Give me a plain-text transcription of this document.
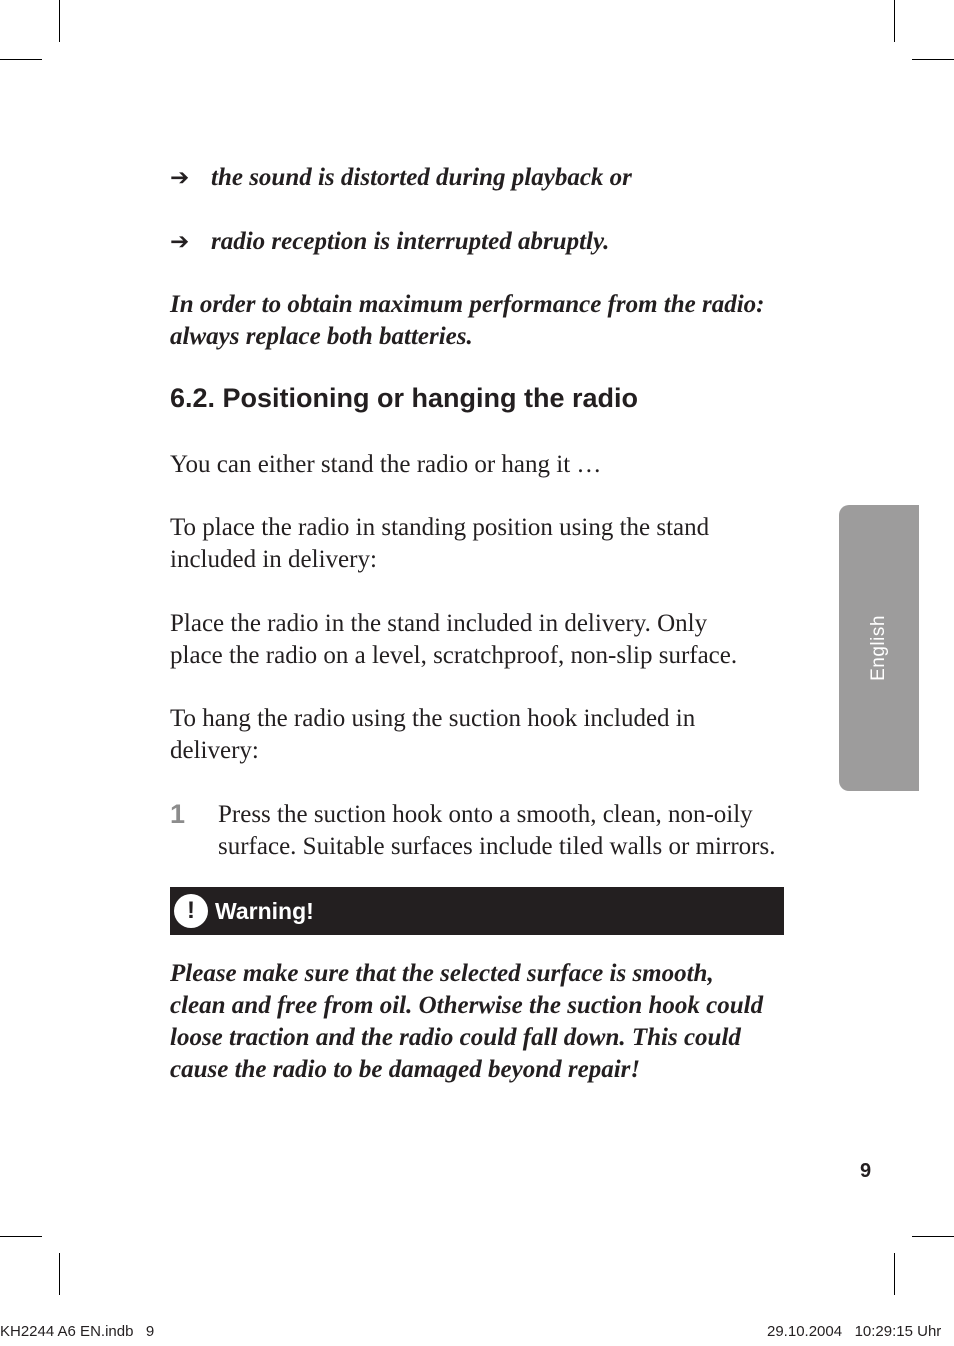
➔ the sound is distorted during playback or
➔ radio reception is interrupted abruptly.
In order to obtain maximum performance from the radio:
always replace both batteries.
6.2. Positioning or hanging the radio
You can either stand the radio or hang it …
To place the radio in standing position using the stand
included in delivery:
Place the radio in the stand included in delivery. Only
place the radio on a level, scratchproof, non-slip surface.
To hang the radio using the suction hook included in
delivery:
1 Press the suction hook onto a smooth, clean, non-oily
surface. Suitable surfaces include tiled walls or mirrors.
! Warning!
Please make sure that the selected surface is smooth,
clean and free from oil. Otherwise the suction hook could
loose traction and the radio could fall down. This could
cause the radio to be damaged beyond repair!
English
9
KH2244 A6 EN.indb   9	29.10.2004   10:29:15 Uhr
